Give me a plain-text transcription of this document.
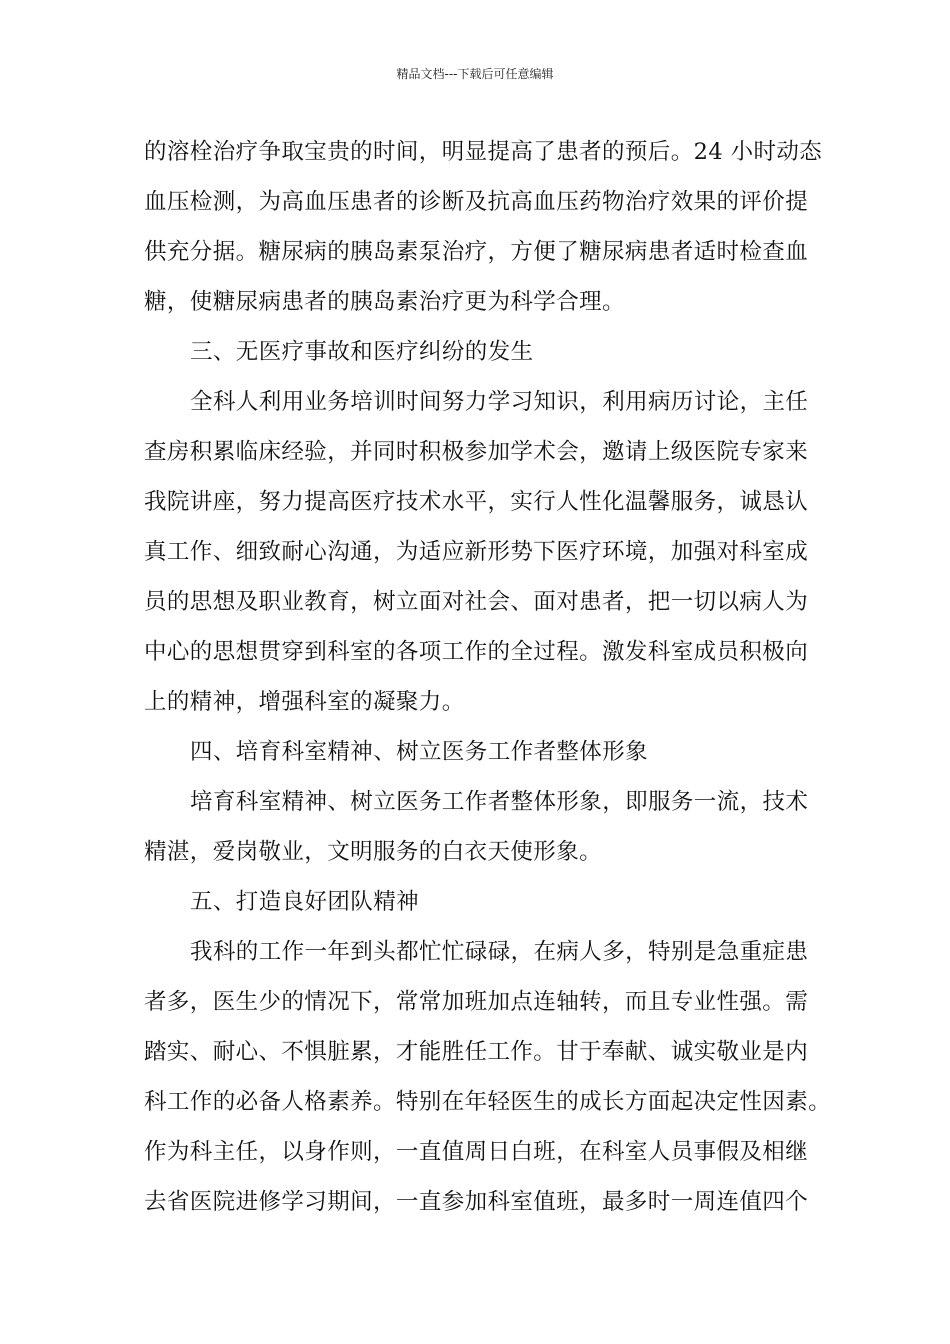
精品文档---下载后可任意编辑
的溶栓治疗争取宝贵的时间，明显提高了患者的预后。24 小时动态
血压检测，为高血压患者的诊断及抗高血压药物治疗效果的评价提
供充分据。糖尿病的胰岛素泵治疗，方便了糖尿病患者适时检查血
糖，使糖尿病患者的胰岛素治疗更为科学合理。
三、无医疗事故和医疗纠纷的发生
全科人利用业务培训时间努力学习知识，利用病历讨论，主任
查房积累临床经验，并同时积极参加学术会，邀请上级医院专家来
我院讲座，努力提高医疗技术水平，实行人性化温馨服务，诚恳认
真工作、细致耐心沟通，为适应新形势下医疗环境，加强对科室成
员的思想及职业教育，树立面对社会、面对患者，把一切以病人为
中心的思想贯穿到科室的各项工作的全过程。激发科室成员积极向
上的精神，增强科室的凝聚力。
四、培育科室精神、树立医务工作者整体形象
培育科室精神、树立医务工作者整体形象，即服务一流，技术
精湛，爱岗敬业，文明服务的白衣天使形象。
五、打造良好团队精神
我科的工作一年到头都忙忙碌碌，在病人多，特别是急重症患
者多，医生少的情况下，常常加班加点连轴转，而且专业性强。需
踏实、耐心、不惧脏累，才能胜任工作。甘于奉献、诚实敬业是内
科工作的必备人格素养。特别在年轻医生的成长方面起决定性因素。
作为科主任，以身作则，一直值周日白班，在科室人员事假及相继
去省医院进修学习期间，一直参加科室值班，最多时一周连值四个
